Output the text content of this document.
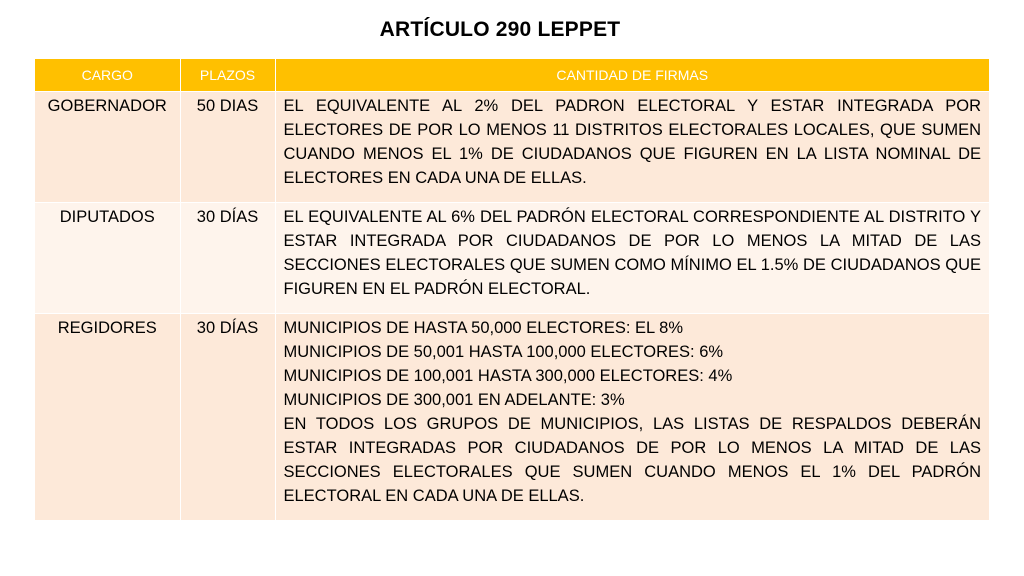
ARTÍCULO 290 LEPPET
CARGO	PLAZOS	CANTIDAD DE FIRMAS
GOBERNADOR	50 DIAS	EL EQUIVALENTE AL 2% DEL PADRON ELECTORAL Y ESTAR INTEGRADA POR ELECTORES DE POR LO MENOS 11 DISTRITOS ELECTORALES LOCALES, QUE SUMEN CUANDO MENOS EL 1% DE CIUDADANOS QUE FIGUREN EN LA LISTA NOMINAL DE ELECTORES EN CADA UNA DE ELLAS.
DIPUTADOS	30 DÍAS	EL EQUIVALENTE AL 6% DEL PADRÓN ELECTORAL CORRESPONDIENTE AL DISTRITO Y ESTAR INTEGRADA POR CIUDADANOS DE POR LO MENOS LA MITAD DE LAS SECCIONES ELECTORALES QUE SUMEN COMO MÍNIMO EL 1.5% DE CIUDADANOS QUE FIGUREN EN EL PADRÓN ELECTORAL.
REGIDORES	30 DÍAS	MUNICIPIOS DE HASTA 50,000 ELECTORES: EL 8%
MUNICIPIOS DE 50,001 HASTA 100,000 ELECTORES: 6%
MUNICIPIOS DE 100,001 HASTA 300,000 ELECTORES: 4%
MUNICIPIOS DE 300,001 EN ADELANTE: 3%
EN TODOS LOS GRUPOS DE MUNICIPIOS, LAS LISTAS DE RESPALDOS DEBERÁN ESTAR INTEGRADAS POR CIUDADANOS DE POR LO MENOS LA MITAD DE LAS SECCIONES ELECTORALES QUE SUMEN CUANDO MENOS EL 1% DEL PADRÓN ELECTORAL EN CADA UNA DE ELLAS.
